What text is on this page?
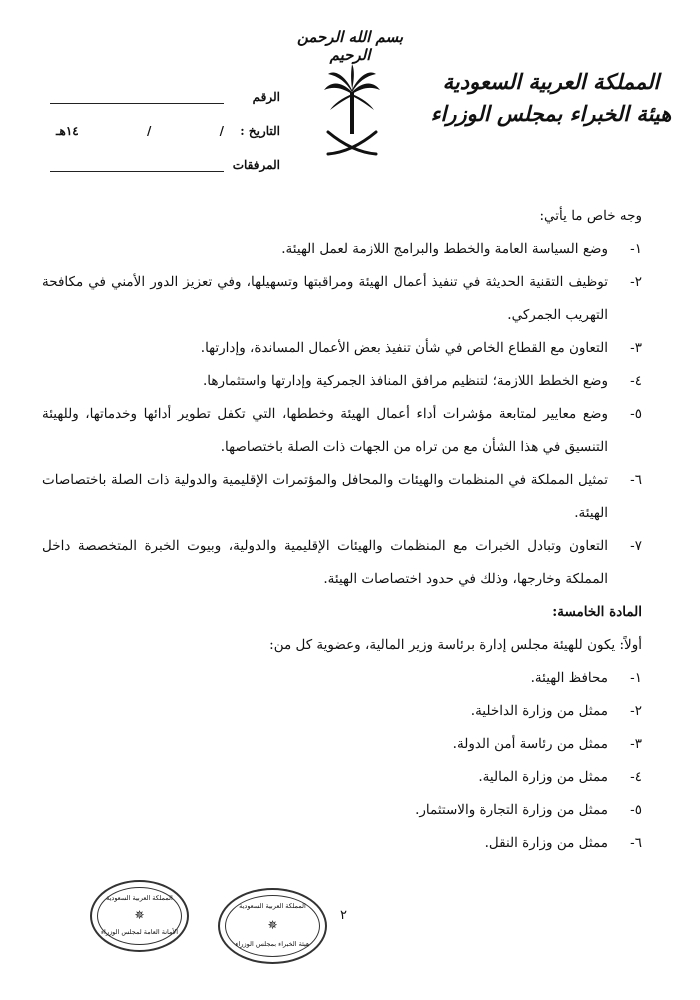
بسم الله الرحمن الرحيم
المملكة العربية السعودية
هيئة الخبراء بمجلس الوزراء
الرقم
التاريخ :
/
/
١٤هـ
المرفقات

وجه خاص ما يأتي:

١-
وضع السياسة العامة والخطط والبرامج اللازمة لعمل الهيئة.
٢-
توظيف التقنية الحديثة في تنفيذ أعمال الهيئة ومراقبتها وتسهيلها، وفي تعزيز الدور الأمني في مكافحة التهريب الجمركي.
٣-
التعاون مع القطاع الخاص في شأن تنفيذ بعض الأعمال المساندة، وإدارتها.
٤-
وضع الخطط اللازمة؛ لتنظيم مرافق المنافذ الجمركية وإدارتها واستثمارها.
٥-
وضع معايير لمتابعة مؤشرات أداء أعمال الهيئة وخططها، التي تكفل تطوير أدائها وخدماتها، وللهيئة التنسيق في هذا الشأن مع من تراه من الجهات ذات الصلة باختصاصها.
٦-
تمثيل المملكة في المنظمات والهيئات والمحافل والمؤتمرات الإقليمية والدولية ذات الصلة باختصاصات الهيئة.
٧-
التعاون وتبادل الخبرات مع المنظمات والهيئات الإقليمية والدولية، وبيوت الخبرة المتخصصة داخل المملكة وخارجها، وذلك في حدود اختصاصات الهيئة.

المادة الخامسة:

أولاً: يكون للهيئة مجلس إدارة برئاسة وزير المالية، وعضوية كل من:

١-
محافظ الهيئة.
٢-
ممثل من وزارة الداخلية.
٣-
ممثل من رئاسة أمن الدولة.
٤-
ممثل من وزارة المالية.
٥-
ممثل من وزارة التجارة والاستثمار.
٦-
ممثل من وزارة النقل.
٢
المملكة العربية السعودية
✵
الأمانة العامة لمجلس الوزراء
المملكة العربية السعودية
✵
هيئة الخبراء بمجلس الوزراء
